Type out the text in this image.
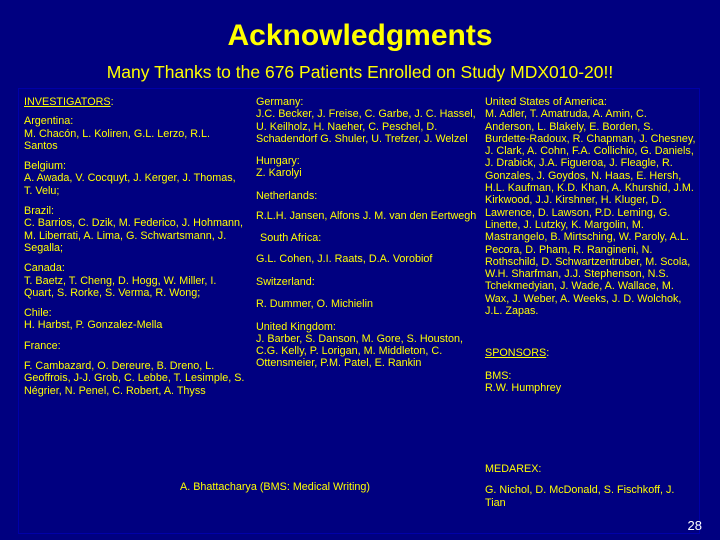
Acknowledgments
Many Thanks to the 676 Patients Enrolled on Study MDX010-20!!

INVESTIGATORS:

Argentina:

M. Chacón, L. Koliren, G.L. Lerzo, R.L. Santos

Belgium:

A. Awada, V. Cocquyt, J. Kerger, J. Thomas, T. Velu;

Brazil:

C. Barrios, C. Dzik, M. Federico, J. Hohmann, M. Liberrati, A. Lima, G. Schwartsmann, J. Segalla;

Canada:

T. Baetz, T. Cheng, D. Hogg, W. Miller, I. Quart, S. Rorke, S. Verma, R. Wong;

Chile:

H. Harbst, P. Gonzalez-Mella

France:

F. Cambazard, O. Dereure, B. Dreno, L. Geoffrois, J-J. Grob, C. Lebbe, T. Lesimple, S. Négrier, N. Penel, C. Robert, A. Thyss

Germany:

J.C. Becker, J. Freise, C. Garbe, J. C. Hassel, U. Keilholz, H. Naeher, C. Peschel, D. Schadendorf G. Shuler, U. Trefzer, J. Welzel

Hungary:

Z. Karolyi

Netherlands:

R.L.H. Jansen, Alfons J. M. van den Eertwegh

South Africa:

G.L. Cohen, J.I. Raats, D.A. Vorobiof

Switzerland:

R. Dummer, O. Michielin

United Kingdom:

J. Barber, S. Danson, M. Gore, S. Houston, C.G. Kelly, P. Lorigan, M. Middleton, C. Ottensmeier, P.M. Patel, E. Rankin

United States of America:

M. Adler, T. Amatruda, A. Amin, C. Anderson, L. Blakely, E. Borden, S. Burdette-Radoux, R. Chapman, J. Chesney, J. Clark, A. Cohn, F.A. Collichio, G. Daniels, J. Drabick, J.A. Figueroa, J. Fleagle, R. Gonzales, J. Goydos, N. Haas, E. Hersh, H.L. Kaufman, K.D. Khan, A. Khurshid, J.M. Kirkwood, J.J. Kirshner, H. Kluger, D. Lawrence, D. Lawson, P.D. Leming, G. Linette, J. Lutzky, K. Margolin, M. Mastrangelo, B. Mirtsching, W. Paroly, A.L. Pecora, D. Pham, R. Rangineni, N. Rothschild, D. Schwartzentruber, M. Scola, W.H. Sharfman, J.J. Stephenson, N.S. Tchekmedyian, J. Wade, A. Wallace, M. Wax, J. Weber, A. Weeks, J. D. Wolchok, J.L. Zapas.

SPONSORS:

BMS:

R.W. Humphrey

MEDAREX:

G. Nichol, D. McDonald, S. Fischkoff, J. Tian

A. Bhattacharya (BMS: Medical Writing)

28
